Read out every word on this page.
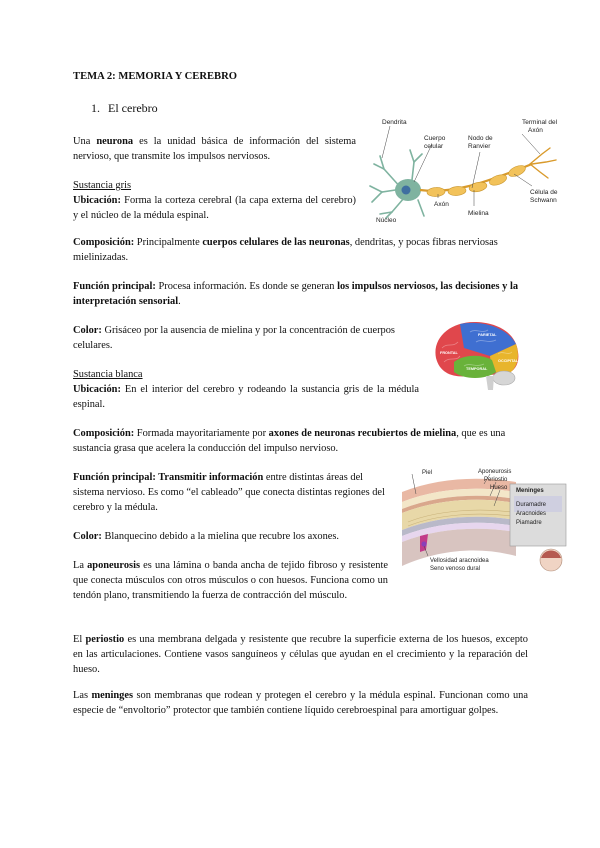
TEMA 2: MEMORIA Y CEREBRO
1. El cerebro

Una neurona es la unidad básica de información del sistema nervioso, que transmite los impulsos nerviosos.

Sustancia gris
Ubicación: Forma la corteza cerebral (la capa externa del cerebro) y el núcleo de la médula espinal.

Composición: Principalmente cuerpos celulares de las neuronas, dendritas, y pocas fibras nerviosas mielinizadas.

Función principal: Procesa información. Es donde se generan los impulsos nerviosos, las decisiones y la interpretación sensorial.

Color: Grisáceo por la ausencia de mielina y por la concentración de cuerpos celulares.

Sustancia blanca
Ubicación: En el interior del cerebro y rodeando la sustancia gris de la médula espinal.

Composición: Formada mayoritariamente por axones de neuronas recubiertos de mielina, que es una sustancia grasa que acelera la conducción del impulso nervioso.

Función principal: Transmitir información entre distintas áreas del sistema nervioso. Es como “el cableado” que conecta distintas regiones del cerebro y la médula.

Color: Blanquecino debido a la mielina que recubre los axones.

La aponeurosis es una lámina o banda ancha de tejido fibroso y resistente que conecta músculos con otros músculos o con huesos. Funciona como un tendón plano, transmitiendo la fuerza de contracción del músculo.

El periostio es una membrana delgada y resistente que recubre la superficie externa de los huesos, excepto en las articulaciones. Contiene vasos sanguíneos y células que ayudan en el crecimiento y la reparación del hueso.

Las meninges son membranas que rodean y protegen el cerebro y la médula espinal. Funcionan como una especie de “envoltorio” protector que también contiene líquido cerebroespinal para amortiguar golpes.

Dendrita
Cuerpo
celular
Nodo de
Ranvier
Terminal del
Axón
Núcleo
Axón
Mielina
Célula de
Schwann
PARIETAL
FRONTAL
TEMPORAL
OCCIPITAL
Piel	Aponeurosis
Periostio
Hueso Meninges
Duramadre
Aracnoides
Piamadre
Vellosidad aracnoidea
Seno venoso dural
